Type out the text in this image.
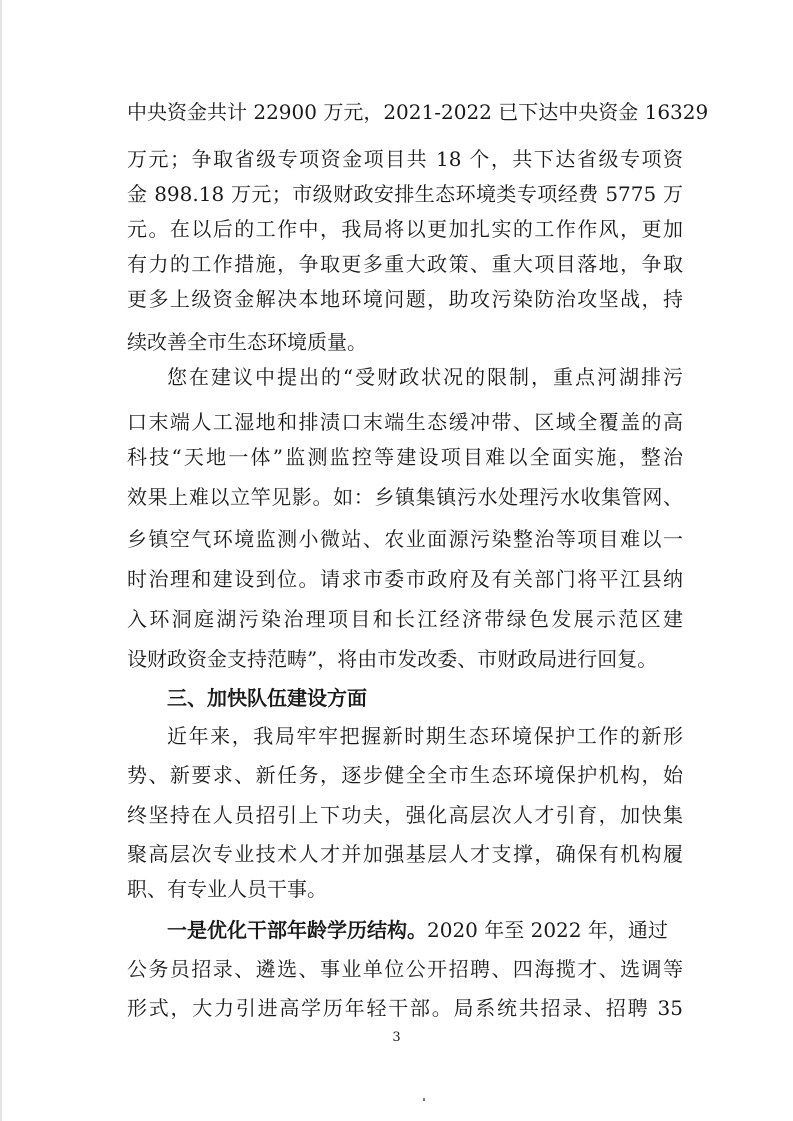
中央资金共计 22900 万元，2021-2022 已下达中央资金 16329
万元；争取省级专项资金项目共 18 个，共下达省级专项资
金 898.18 万元；市级财政安排生态环境类专项经费 5775 万
元。在以后的工作中，我局将以更加扎实的工作作风，更加
有力的工作措施，争取更多重大政策、重大项目落地，争取
更多上级资金解决本地环境问题，助攻污染防治攻坚战，持
续改善全市生态环境质量。
您在建议中提出的“受财政状况的限制，重点河湖排污
口末端人工湿地和排渍口末端生态缓冲带、区域全覆盖的高
科技“天地一体”监测监控等建设项目难以全面实施，整治
效果上难以立竿见影。如：乡镇集镇污水处理污水收集管网、
乡镇空气环境监测小微站、农业面源污染整治等项目难以一
时治理和建设到位。请求市委市政府及有关部门将平江县纳
入环洞庭湖污染治理项目和长江经济带绿色发展示范区建
设财政资金支持范畴”，将由市发改委、市财政局进行回复。
三、加快队伍建设方面
近年来，我局牢牢把握新时期生态环境保护工作的新形
势、新要求、新任务，逐步健全全市生态环境保护机构，始
终坚持在人员招引上下功夫，强化高层次人才引育，加快集
聚高层次专业技术人才并加强基层人才支撑，确保有机构履
职、有专业人员干事。
一是优化干部年龄学历结构。2020 年至 2022 年，通过
公务员招录、遴选、事业单位公开招聘、四海揽才、选调等
形式，大力引进高学历年轻干部。局系统共招录、招聘 35
3
